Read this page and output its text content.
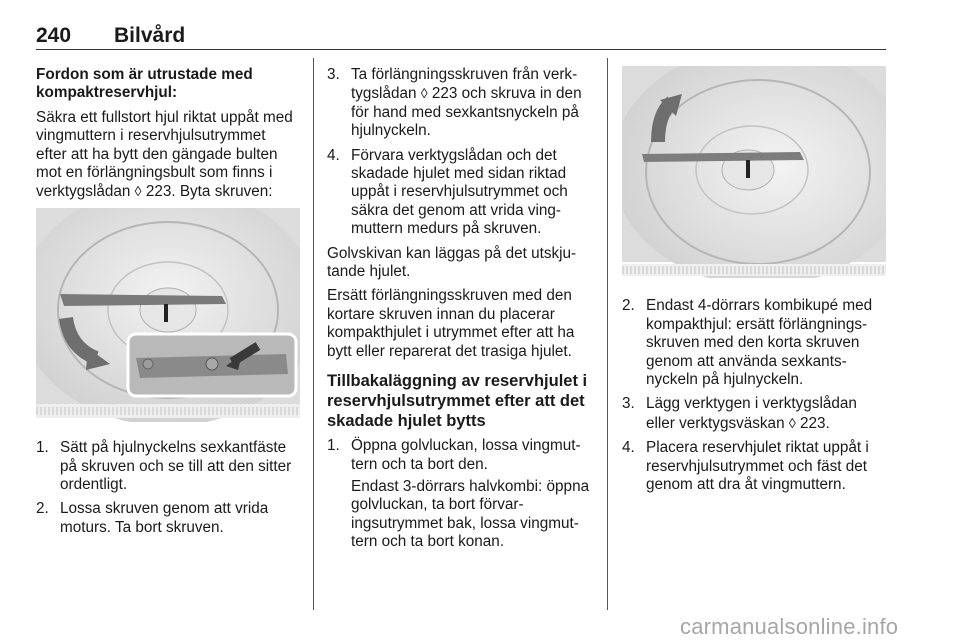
240 Bilvård

Fordon som är utrustade med kompaktreservhjul:

Säkra ett fullstort hjul riktat uppåt med vingmuttern i reservhjulsutrymmet efter att ha bytt den gängade bulten mot en förlängningsbult som finns i verktygslådan ◊ 223. Byta skruven:

1. Sätt på hjulnyckelns sexkantfäste på skruven och se till att den sitter ordentligt.
2. Lossa skruven genom att vrida moturs. Ta bort skruven.
3. Ta förlängningsskruven från verk- tygslådan ◊ 223 och skruva in den för hand med sexkantsnyckeln på hjulnyckeln.
4. Förvara verktygslådan och det skadade hjulet med sidan riktad uppåt i reservhjulsutrymmet och säkra det genom att vrida ving- muttern medurs på skruven.

Golvskivan kan läggas på det utskju- tande hjulet.

Ersätt förlängningsskruven med den kortare skruven innan du placerar kompakthjulet i utrymmet efter att ha bytt eller reparerat det trasiga hjulet.

Tillbakaläggning av reservhjulet i reservhjulsutrymmet efter att det skadade hjulet bytts

1. Öppna golvluckan, lossa vingmut- tern och ta bort den.
Endast 3-dörrars halvkombi: öppna golvluckan, ta bort förvar- ingsutrymmet bak, lossa vingmut- tern och ta bort konan.
2. Endast 4-dörrars kombikupé med kompakthjul: ersätt förlängnings- skruven med den korta skruven genom att använda sexkants- nyckeln på hjulnyckeln.
3. Lägg verktygen i verktygslådan eller verktygsväskan ◊ 223.
4. Placera reservhjulet riktat uppåt i reservhjulsutrymmet och fäst det genom att dra åt vingmuttern.
carmanualsonline.info
